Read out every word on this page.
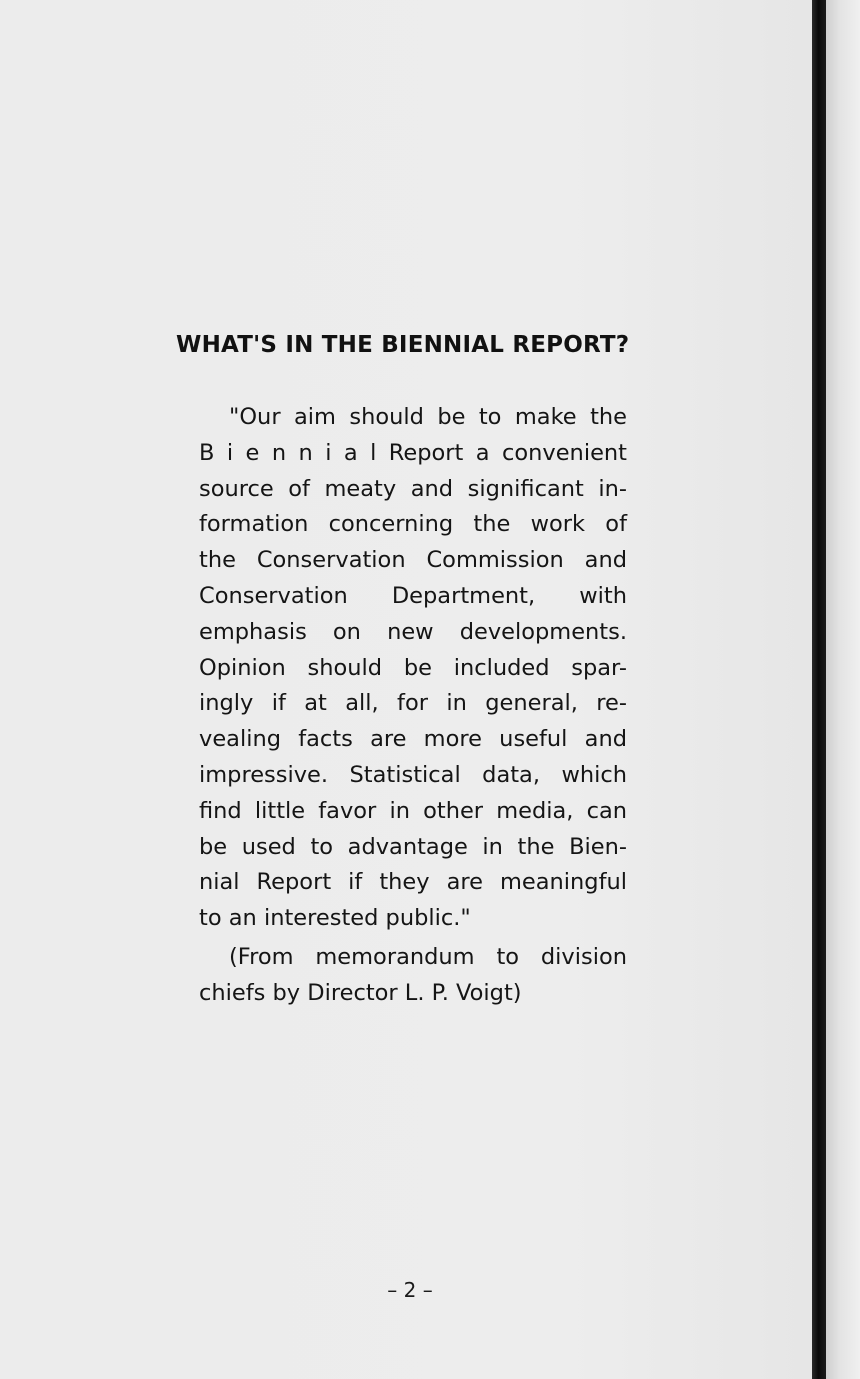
WHAT'S IN THE BIENNIAL REPORT?

"Our aim should be to make the
B i e n n i a l Report a convenient
source of meaty and significant in-
formation concerning the work of
the Conservation Commission and
Conservation Department, with
emphasis on new developments.
Opinion should be included spar-
ingly if at all, for in general, re-
vealing facts are more useful and
impressive. Statistical data, which
find little favor in other media, can
be used to advantage in the Bien-
nial Report if they are meaningful
to an interested public."

(From memorandum to division
chiefs by Director L. P. Voigt)

– 2 –
